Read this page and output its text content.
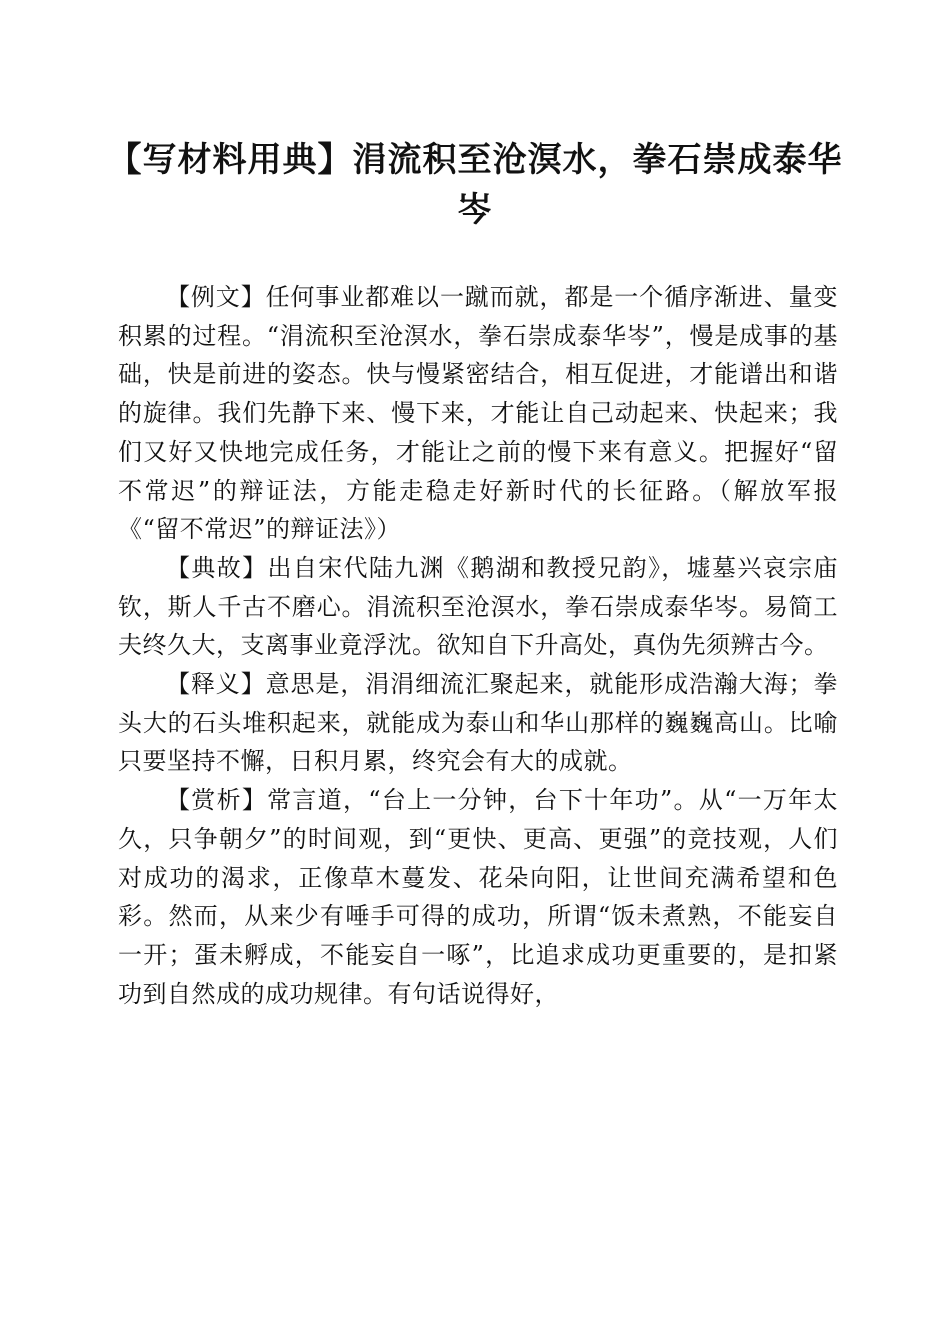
【写材料用典】涓流积至沧溟水，拳石崇成泰华岑

【例文】任何事业都难以一蹴而就，都是一个循序渐进、量变积累的过程。“涓流积至沧溟水，拳石崇成泰华岑”，慢是成事的基础，快是前进的姿态。快与慢紧密结合，相互促进，才能谱出和谐的旋律。我们先静下来、慢下来，才能让自己动起来、快起来；我们又好又快地完成任务，才能让之前的慢下来有意义。把握好“留不常迟”的辩证法，方能走稳走好新时代的长征路。（解放军报《“留不常迟”的辩证法》）

【典故】出自宋代陆九渊《鹅湖和教授兄韵》，墟墓兴哀宗庙钦，斯人千古不磨心。涓流积至沧溟水，拳石崇成泰华岑。易简工夫终久大，支离事业竟浮沈。欲知自下升高处，真伪先须辨古今。

【释义】意思是，涓涓细流汇聚起来，就能形成浩瀚大海；拳头大的石头堆积起来，就能成为泰山和华山那样的巍巍高山。比喻只要坚持不懈，日积月累，终究会有大的成就。

【赏析】常言道，“台上一分钟，台下十年功”。从“一万年太久，只争朝夕”的时间观，到“更快、更高、更强”的竞技观，人们对成功的渴求，正像草木蔓发、花朵向阳，让世间充满希望和色彩。然而，从来少有唾手可得的成功，所谓“饭未煮熟，不能妄自一开；蛋未孵成，不能妄自一啄”，比追求成功更重要的，是扣紧功到自然成的成功规律。有句话说得好，
